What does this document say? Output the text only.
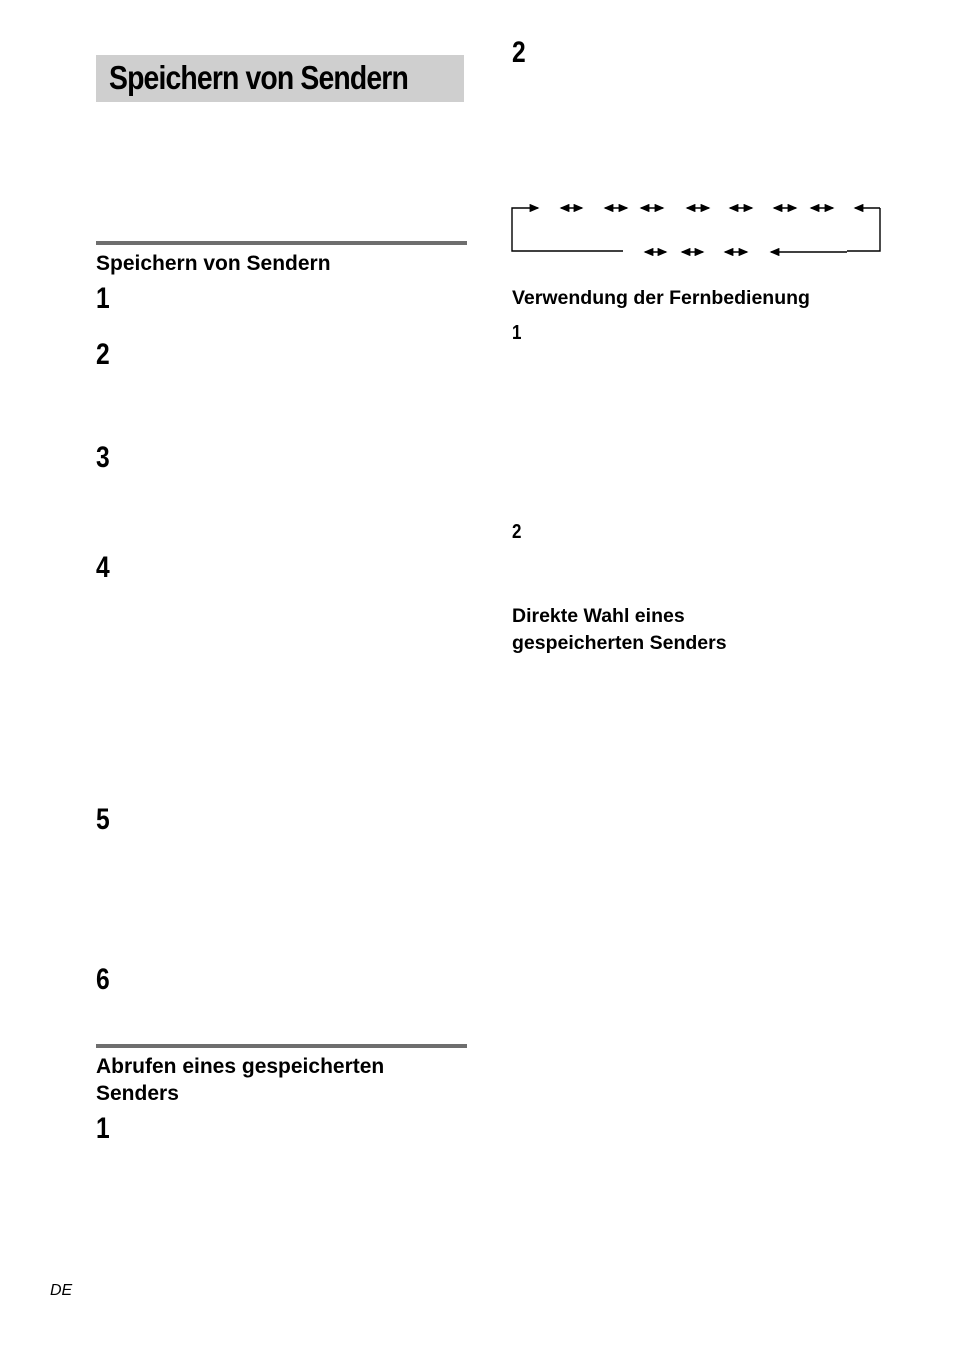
Speichern von Sendern
Speichern von Sendern
1
2
3
4
5
6
Abrufen eines gespeicherten
Senders
1
2
Verwendung der Fernbedienung
1
2
Direkte Wahl eines
gespeicherten Senders
DE
